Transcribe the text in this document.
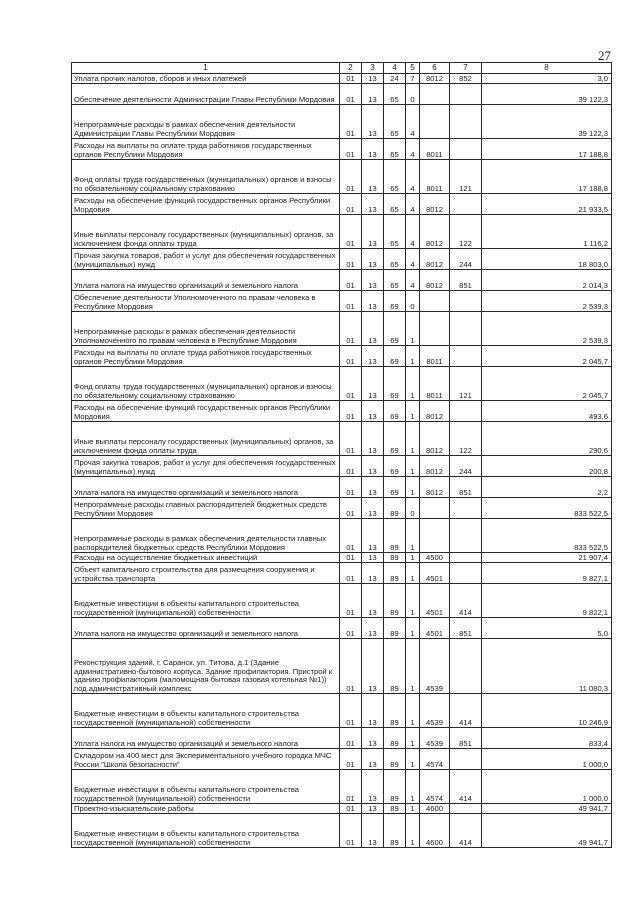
27
1	2	3	4	5	6	7	8
Уплата прочих налогов, сборов и иных платежей	01	13	24	7	8012	852	3,0
Обеспечение деятельности Администрации Главы Республики Мордовия	01	13	65	0			39 122,3
Непрограммные расходы в рамках обеспечения деятельности Администрации Главы Республики Мордовия	01	13	65	4			39 122,3
Расходы на выплаты по оплате труда работников государственных органов Республики Мордовия	01	13	65	4	8011		17 188,8
Фонд оплаты труда государственных (муниципальных) органов и взносы по обязательному социальному страхованию	01	13	65	4	8011	121	17 188,8
Расходы на обеспечение функций государственных органов Республики Мордовия	01	13	65	4	8012		21 933,5
Иные выплаты персоналу государственных (муниципальных) органов, за исключением фонда оплаты труда	01	13	65	4	8012	122	1 116,2
Прочая закупка товаров, работ и услуг для обеспечения государственных (муниципальных) нужд	01	13	65	4	8012	244	18 803,0
Уплата налога на имущество организаций и земельного налога	01	13	65	4	8012	851	2 014,3
Обеспечение деятельности Уполномоченного по правам человека в Республике Мордовия	01	13	69	0			2 539,3
Непрограммные расходы в рамках обеспечения деятельности Уполномоченного по правам человека в Республике Мордовия	01	13	69	1			2 539,3
Расходы на выплаты по оплате труда работников государственных органов Республики Мордовия	01	13	69	1	8011		2 045,7
Фонд оплаты труда государственных (муниципальных) органов и взносы по обязательному социальному страхованию	01	13	69	1	8011	121	2 045,7
Расходы на обеспечение функций государственных органов Республики Мордовия	01	13	69	1	8012		493,6
Иные выплаты персоналу государственных (муниципальных) органов, за исключением фонда оплаты труда	01	13	69	1	8012	122	290,6
Прочая закупка товаров, работ и услуг для обеспечения государственных (муниципальных) нужд	01	13	69	1	8012	244	200,8
Уплата налога на имущество организаций и земельного налога	01	13	69	1	8012	851	2,2
Непрограммные расходы главных распорядителей бюджетных средств Республики Мордовия	01	13	89	0			833 522,5
Непрограммные расходы в рамках обеспечения деятельности главных распорядителей бюджетных средств Республики Мордовия	01	13	89	1			833 522,5
Расходы на осуществление бюджетных инвестиций	01	13	89	1	4500		21 907,4
Объект капитального строительства для размещения сооружения и устройства транспорта	01	13	89	1	4501		9 827,1
Бюджетные инвестиции в объекты капитального строительства государственной (муниципальной) собственности	01	13	89	1	4501	414	9 822,1
Уплата налога на имущество организаций и земельного налога	01	13	89	1	4501	851	5,0
Реконструкция зданий, г. Саранск, ул. Титова, д.1 (Здание административно-бытового корпуса. Здание профилактория. Пристрой к зданию профилактория (маломощная бытовая газовая котельная №1)) под административный комплекс	01	13	89	1	4539		11 080,3
Бюджетные инвестиции в объекты капитального строительства государственной (муниципальной) собственности	01	13	89	1	4539	414	10 246,9
Уплата налога на имущество организаций и земельного налога	01	13	89	1	4539	851	833,4
Складором на 400 мест для Экспериментального учебного городка МЧС России "Школа безопасности"	01	13	89	1	4574		1 000,0
Бюджетные инвестиции в объекты капитального строительства государственной (муниципальной) собственности	01	13	89	1	4574	414	1 000,0
Проектно-изыскательские работы	01	13	89	1	4600		49 941,7
Бюджетные инвестиции в объекты капитального строительства государственной (муниципальной) собственности	01	13	89	1	4600	414	49 941,7
